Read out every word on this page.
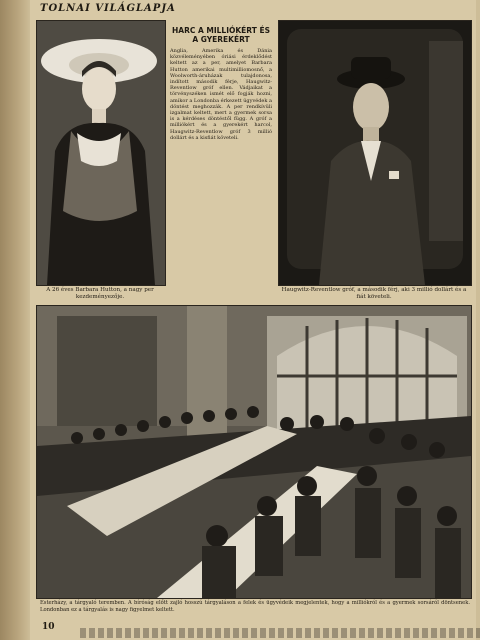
TOLNAI VILÁGLAPJA
A 26 éves Barbara Hutton, a nagy per kezdeményezője.
HARC A MILLIÓKÉRT ÉS A GYEREKÉRT
Anglia, Amerika és Dánia közvéleményében óriási érdeklődést keltett az a per, amelyet Barbara Hutton amerikai multimilliomosnő, a Woolworth-áruházak tulajdonosa, indított második férje, Haugwitz-Reventlow gróf ellen. Vádjaikat a törvényszéken ismét elő fogják hozni, amikor a Londonba érkezett ügyvédek a döntést meghozzák. A per rendkívüli izgalmat keltett, mert a gyermek sorsa is a kérdéses döntéstől függ. A gróf a milliókért és a gyerekért harcol, Haugwitz-Reventlow gróf 3 millió dollárt és a kisfiát követeli.
Haugwitz-Reventlow gróf, a második férj, aki 3 millió dollárt és a fiát követeli.
Esterházy, a tárgyaló teremben. A bíróság előtt zajló hosszú tárgyaláson a felek és ügyvédeik megjelentek, hogy a milliókról és a gyermek sorsáról döntsenek. Londonban ez a tárgyalás is nagy figyelmet keltett.
10
